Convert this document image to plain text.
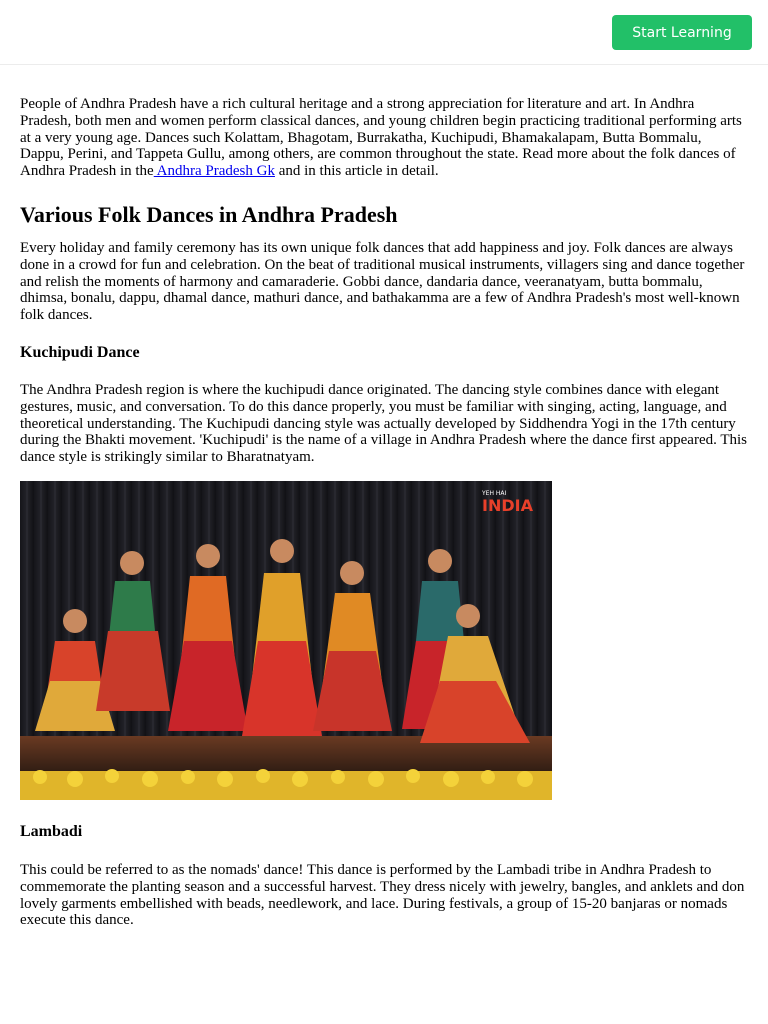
Start Learning

People of Andhra Pradesh have a rich cultural heritage and a strong appreciation for literature and art. In Andhra Pradesh, both men and women perform classical dances, and young children begin practicing traditional performing arts at a very young age. Dances such Kolattam, Bhagotam, Burrakatha, Kuchipudi, Bhamakalapam, Butta Bommalu, Dappu, Perini, and Tappeta Gullu, among others, are common throughout the state. Read more about the folk dances of Andhra Pradesh in the Andhra Pradesh Gk and in this article in detail.

Various Folk Dances in Andhra Pradesh

Every holiday and family ceremony has its own unique folk dances that add happiness and joy. Folk dances are always done in a crowd for fun and celebration. On the beat of traditional musical instruments, villagers sing and dance together and relish the moments of harmony and camaraderie. Gobbi dance, dandaria dance, veeranatyam, butta bommalu, dhimsa, bonalu, dappu, dhamal dance, mathuri dance, and bathakamma are a few of Andhra Pradesh's most well-known folk dances.

Kuchipudi Dance

The Andhra Pradesh region is where the kuchipudi dance originated. The dancing style combines dance with elegant gestures, music, and conversation. To do this dance properly, you must be familiar with singing, acting, language, and theoretical understanding. The Kuchipudi dancing style was actually developed by Siddhendra Yogi in the 17th century during the Bhakti movement. 'Kuchipudi' is the name of a village in Andhra Pradesh where the dance first appeared. This dance style is strikingly similar to Bharatnatyam.

YEH HAI
INDIA
Lambadi

This could be referred to as the nomads' dance! This dance is performed by the Lambadi tribe in Andhra Pradesh to commemorate the planting season and a successful harvest. They dress nicely with jewelry, bangles, and anklets and don lovely garments embellished with beads, needlework, and lace. During festivals, a group of 15-20 banjaras or nomads execute this dance.
